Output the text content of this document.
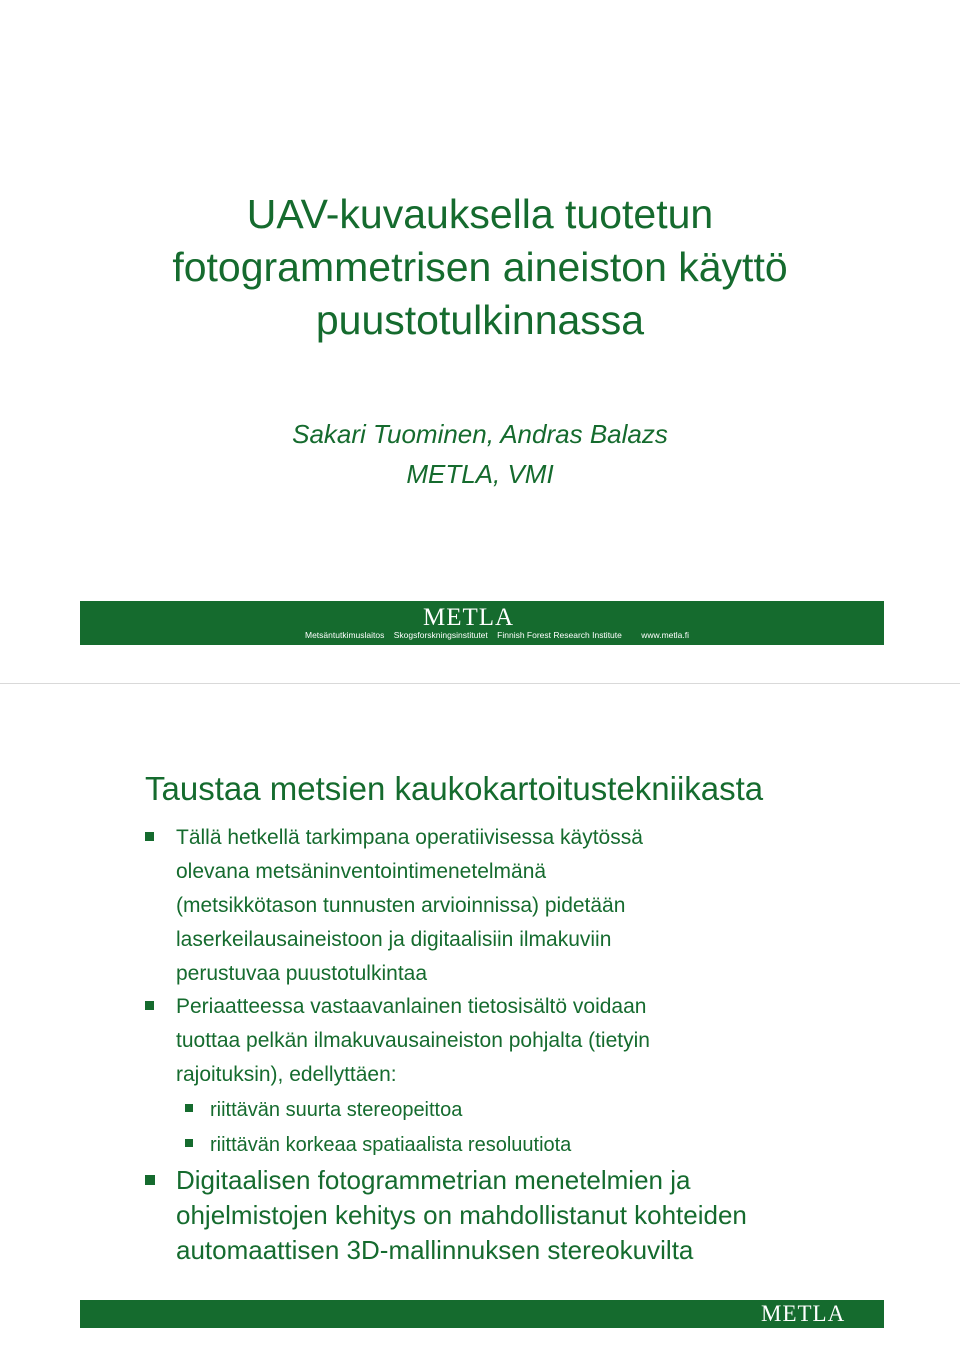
UAV-kuvauksella tuotetun
fotogrammetrisen aineiston käyttö
puustotulkinnassa
Sakari Tuominen, Andras Balazs
METLA, VMI
METLA
Metsäntutkimuslaitos Skogsforskningsinstitutet Finnish Forest Research Institute www.metla.fi
Taustaa metsien kaukokartoitustekniikasta
Tällä hetkellä tarkimpana operatiivisessa käytössä
olevana metsäninventointimenetelmänä
(metsikkötason tunnusten arvioinnissa) pidetään
laserkeilausaineistoon ja digitaalisiin ilmakuviin
perustuvaa puustotulkintaa
Periaatteessa vastaavanlainen tietosisältö voidaan
tuottaa pelkän ilmakuvausaineiston pohjalta (tietyin
rajoituksin), edellyttäen:
riittävän suurta stereopeittoa
riittävän korkeaa spatiaalista resoluutiota
Digitaalisen fotogrammetrian menetelmien ja
ohjelmistojen kehitys on mahdollistanut kohteiden
automaattisen 3D-mallinnuksen stereokuvilta
METLA
